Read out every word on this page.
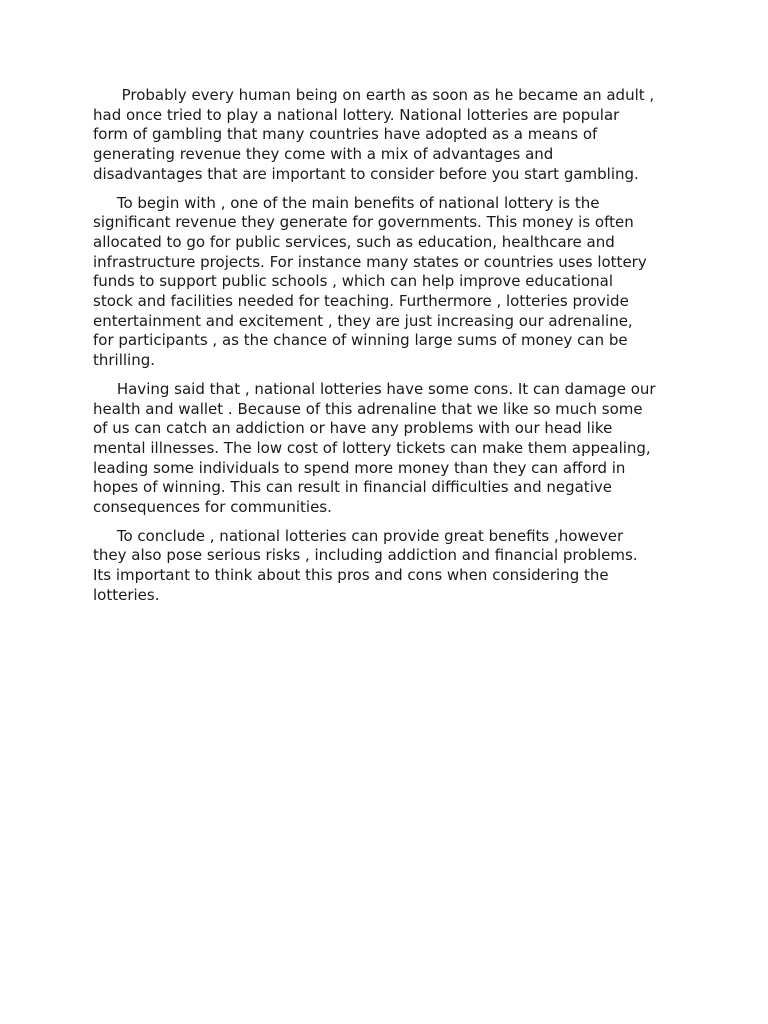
Probably every human being on earth as soon as he became an adult ,
had once tried to play a national lottery. National lotteries are popular
form of gambling that many countries have adopted as a means of
generating revenue they come with a mix of advantages and
disadvantages that are important to consider before you start gambling.
To begin with , one of the main benefits of national lottery is the
significant revenue they generate for governments. This money is often
allocated to go for public services, such as education, healthcare and
infrastructure projects. For instance many states or countries uses lottery
funds to support public schools , which can help improve educational
stock and facilities needed for teaching. Furthermore , lotteries provide
entertainment and excitement , they are just increasing our adrenaline,
for participants , as the chance of winning large sums of money can be
thrilling.
Having said that , national lotteries have some cons. It can damage our
health and wallet . Because of this adrenaline that we like so much some
of us can catch an addiction or have any problems with our head like
mental illnesses. The low cost of lottery tickets can make them appealing,
leading some individuals to spend more money than they can afford in
hopes of winning. This can result in financial difficulties and negative
consequences for communities.
To conclude , national lotteries can provide great benefits ,however
they also pose serious risks , including addiction and financial problems.
Its important to think about this pros and cons when considering the
lotteries.
